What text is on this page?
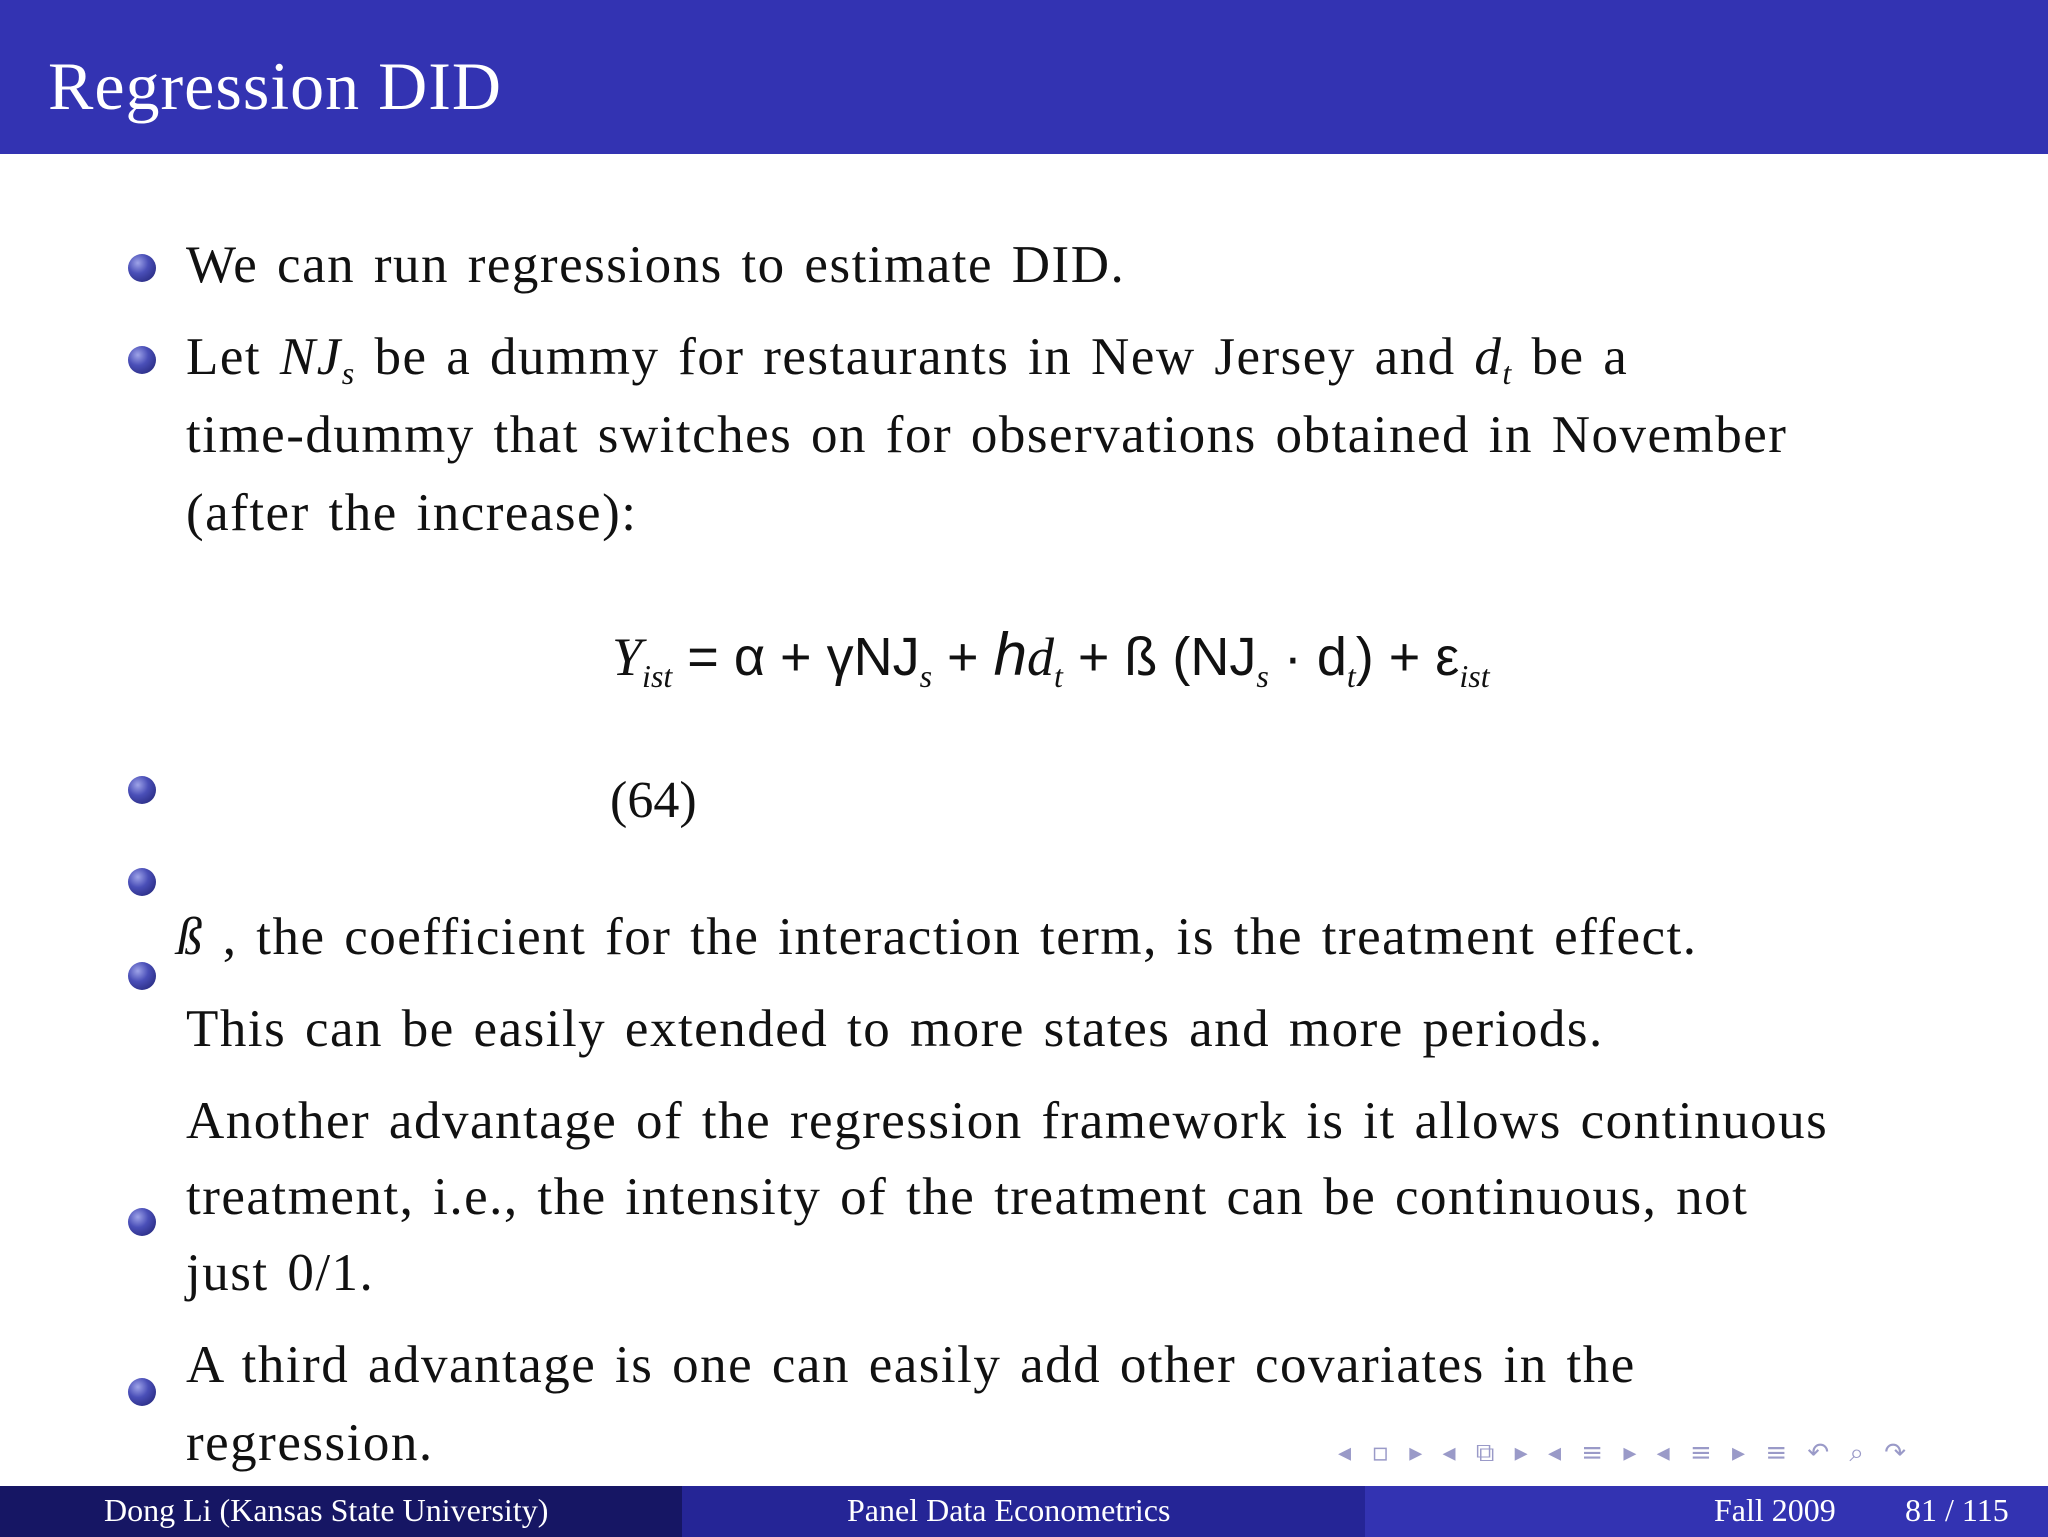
Regression DID
We can run regressions to estimate DID.
Let $NJ_s$ be a dummy for restaurants in New Jersey and $d_t$ be a
time-dummy that switches on for observations obtained in November
(after the increase):
$Y_{ist} = \alpha + \gamma NJ_s + hd_t$ + ß $(NJ_s \cdot d_t) + \varepsilon_{ist}$
(64)
ß , the coefficient for the interaction term, is the treatment effect.
This can be easily extended to more states and more periods.
Another advantage of the regression framework is it allows continuous
treatment, i.e., the intensity of the treatment can be continuous, not
just 0/1.
A third advantage is one can easily add other covariates in the
regression.	◂ ▫ ▸ ◂ ⧉ ▸ ◂ ≡ ▸ ◂ ≡ ▸ ≡ ↶ ⌕ ↷
Dong Li (Kansas State University)	Panel Data Econometrics	Fall 2009 81 / 115
